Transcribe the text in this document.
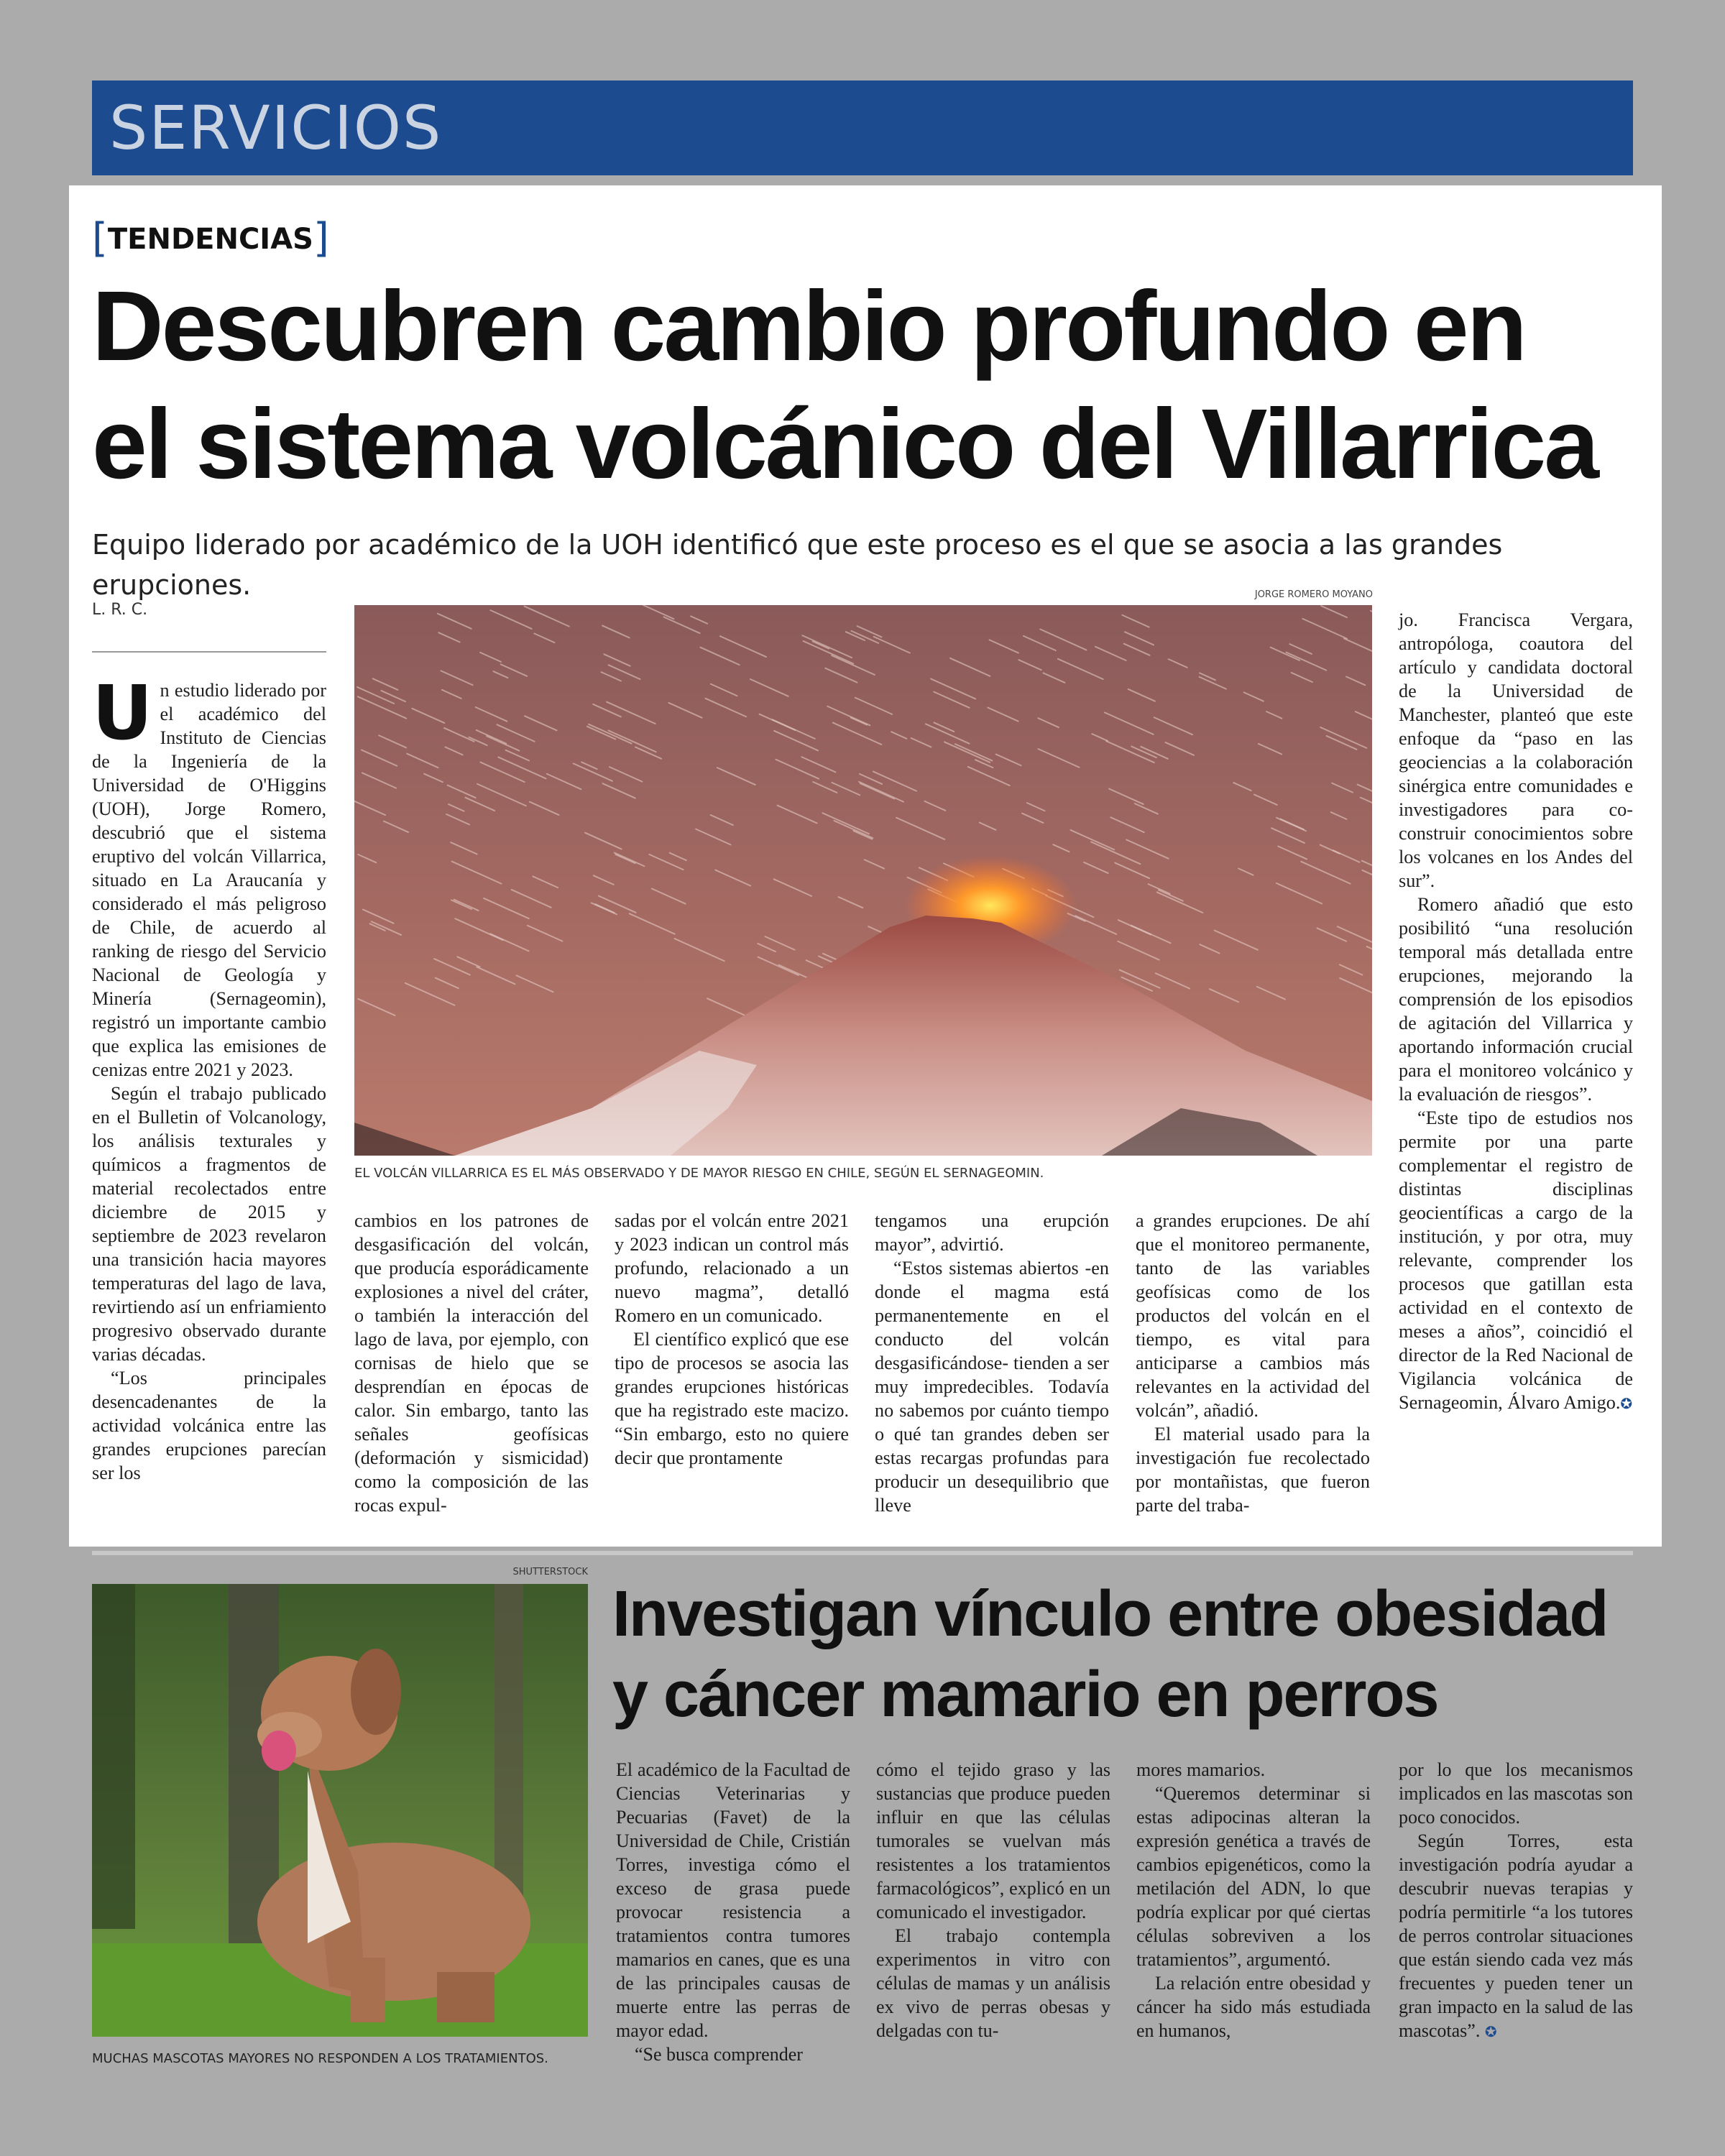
SERVICIOS
[TENDENCIAS]
Descubren cambio profundo en
el sistema volcánico del Villarrica
Equipo liderado por académico de la UOH identificó que este proceso es el que se asocia a las grandes erupciones.
L. R. C.

Un estudio liderado por el académico del Instituto de Ciencias de la Ingeniería de la Universidad de O'Higgins (UOH), Jorge Romero, descubrió que el sistema eruptivo del volcán Villarrica, situado en La Araucanía y considerado el más peligroso de Chile, de acuerdo al ranking de riesgo del Servicio Nacional de Geología y Minería (Sernageomin), registró un importante cambio que explica las emisiones de cenizas entre 2021 y 2023.

Según el trabajo publicado en el Bulletin of Volcanology, los análisis texturales y químicos a fragmentos de material recolectados entre diciembre de 2015 y septiembre de 2023 revelaron una transición hacia mayores temperaturas del lago de lava, revirtiendo así un enfriamiento progresivo observado durante varias décadas.

“Los principales desencadenantes de la actividad volcánica entre las grandes erupciones parecían ser los

JORGE ROMERO MOYANO
EL VOLCÁN VILLARRICA ES EL MÁS OBSERVADO Y DE MAYOR RIESGO EN CHILE, SEGÚN EL SERNAGEOMIN.

cambios en los patrones de desgasificación del volcán, que producía esporádicamente explosiones a nivel del cráter, o también la interacción del lago de lava, por ejemplo, con cornisas de hielo que se desprendían en épocas de calor. Sin embargo, tanto las señales geofísicas (deformación y sismicidad) como la composición de las rocas expul-

sadas por el volcán entre 2021 y 2023 indican un control más profundo, relacionado a un nuevo magma”, detalló Romero en un comunicado.

El científico explicó que ese tipo de procesos se asocia las grandes erupciones históricas que ha registrado este macizo. “Sin embargo, esto no quiere decir que prontamente

tengamos una erupción mayor”, advirtió.

“Estos sistemas abiertos -en donde el magma está permanentemente en el conducto del volcán desgasificándose- tienden a ser muy impredecibles. Todavía no sabemos por cuánto tiempo o qué tan grandes deben ser estas recargas profundas para producir un desequilibrio que lleve

a grandes erupciones. De ahí que el monitoreo permanente, tanto de las variables geofísicas como de los productos del volcán en el tiempo, es vital para anticiparse a cambios más relevantes en la actividad del volcán”, añadió.

El material usado para la investigación fue recolectado por montañistas, que fueron parte del traba-

jo. Francisca Vergara, antropóloga, coautora del artículo y candidata doctoral de la Universidad de Manchester, planteó que este enfoque da “paso en las geociencias a la colaboración sinérgica entre comunidades e investigadores para co-construir conocimientos sobre los volcanes en los Andes del sur”.

Romero añadió que esto posibilitó “una resolución temporal más detallada entre erupciones, mejorando la comprensión de los episodios de agitación del Villarrica y aportando información crucial para el monitoreo volcánico y la evaluación de riesgos”.

“Este tipo de estudios nos permite por una parte complementar el registro de distintas disciplinas geocientíficas a cargo de la institución, y por otra, muy relevante, comprender los procesos que gatillan esta actividad en el contexto de meses a años”, coincidió el director de la Red Nacional de Vigilancia volcánica de Sernageomin, Álvaro Amigo.✪

SHUTTERSTOCK
MUCHAS MASCOTAS MAYORES NO RESPONDEN A LOS TRATAMIENTOS.
Investigan vínculo entre obesidad
y cáncer mamario en perros

El académico de la Facultad de Ciencias Veterinarias y Pecuarias (Favet) de la Universidad de Chile, Cristián Torres, investiga cómo el exceso de grasa puede provocar resistencia a tratamientos contra tumores mamarios en canes, que es una de las principales causas de muerte entre las perras de mayor edad.

“Se busca comprender

cómo el tejido graso y las sustancias que produce pueden influir en que las células tumorales se vuelvan más resistentes a los tratamientos farmacológicos”, explicó en un comunicado el investigador.

El trabajo contempla experimentos in vitro con células de mamas y un análisis ex vivo de perras obesas y delgadas con tu-

mores mamarios.

“Queremos determinar si estas adipocinas alteran la expresión genética a través de cambios epigenéticos, como la metilación del ADN, lo que podría explicar por qué ciertas células sobreviven a los tratamientos”, argumentó.

La relación entre obesidad y cáncer ha sido más estudiada en humanos,

por lo que los mecanismos implicados en las mascotas son poco conocidos.

Según Torres, esta investigación podría ayudar a descubrir nuevas terapias y podría permitirle “a los tutores de perros controlar situaciones que están siendo cada vez más frecuentes y pueden tener un gran impacto en la salud de las mascotas”. ✪
